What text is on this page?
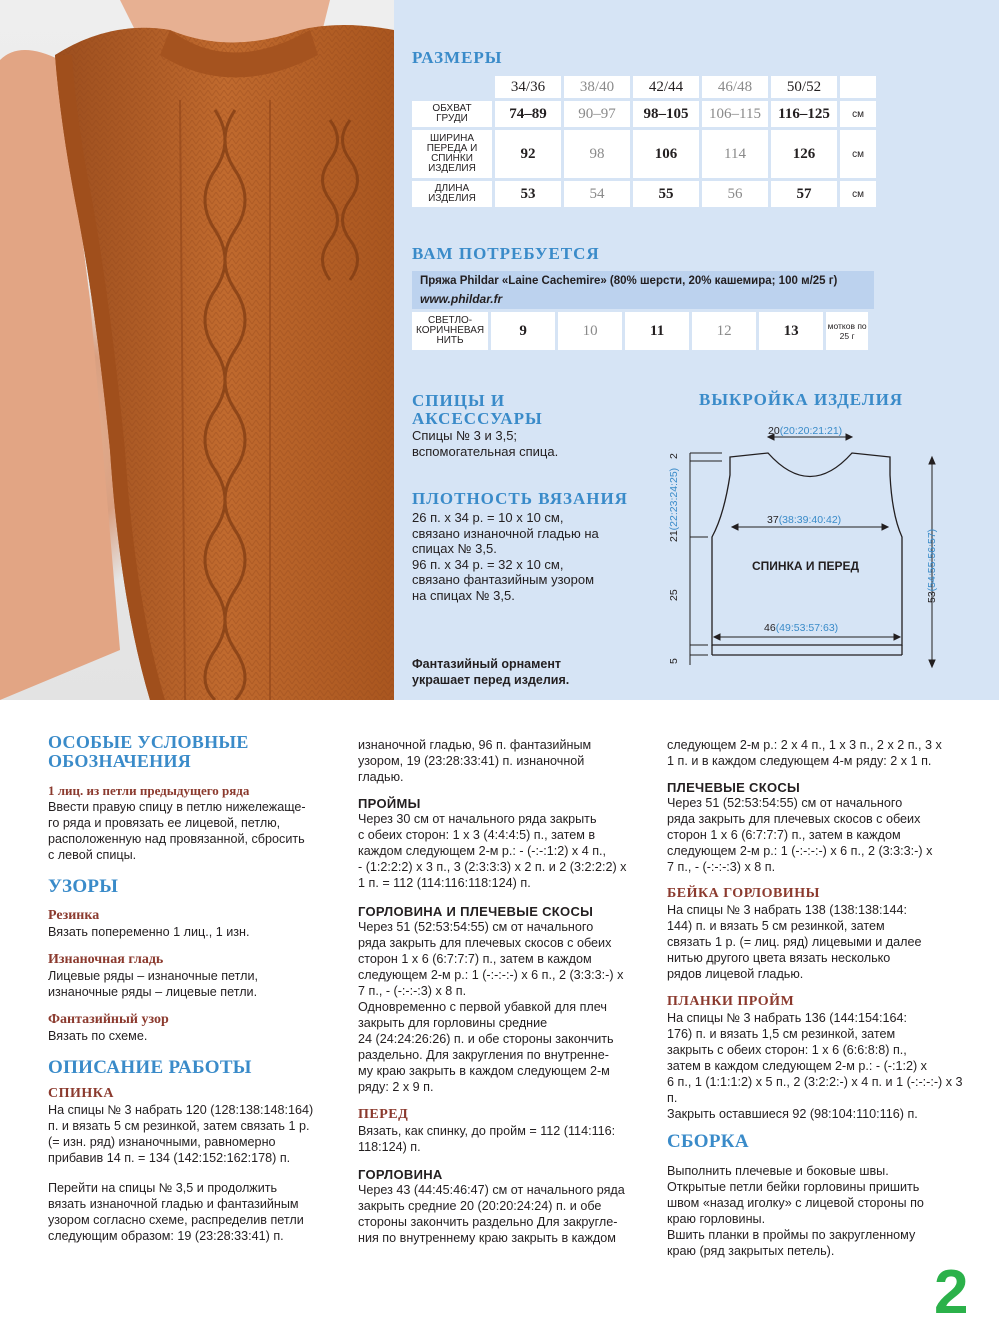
РАЗМЕРЫ
	34/36	38/40	42/44	46/48	50/52	
ОБХВАТ ГРУДИ	74–89	90–97	98–105	106–115	116–125	см
ШИРИНА ПЕРЕДА И СПИНКИ ИЗДЕЛИЯ	92	98	106	114	126	см
ДЛИНА ИЗДЕЛИЯ	53	54	55	56	57	см
ВАМ ПОТРЕБУЕТСЯ
Пряжа Phildar «Laine Cachemire» (80% шерсти, 20% кашемира; 100 м/25 г)
www.phildar.fr
СВЕТЛО-КОРИЧНЕВАЯ НИТЬ	9	10	11	12	13	мотков по 25 г
СПИЦЫ И АКСЕССУАРЫ
Спицы № 3 и 3,5; вспомогательная спица.
ПЛОТНОСТЬ ВЯЗАНИЯ
26 п. х 34 р. = 10 х 10 см,
связано изнаночной гладью на
спицах № 3,5.
96 п. х 34 р. = 32 х 10 см,
связано фантазийным узором
на спицах № 3,5.
Фантазийный орнамент
украшает перед изделия.
ВЫКРОЙКА ИЗДЕЛИЯ
20(20:20:21:21)
37(38:39:40:42)
46(49:53:57:63)
СПИНКА И ПЕРЕД
2
21(22:23:24:25)
25
5
53(54:55:56:57)
ОСОБЫЕ УСЛОВНЫЕ ОБОЗНАЧЕНИЯ
1 лиц. из петли предыдущего ряда
Ввести правую спицу в петлю нижележаще-
го ряда и провязать ее лицевой, петлю,
расположенную над провязанной, сбросить
с левой спицы.
УЗОРЫ
Резинка
Вязать попеременно 1 лиц., 1 изн.
Изнаночная гладь
Лицевые ряды – изнаночные петли,
изнаночные ряды – лицевые петли.
Фантазийный узор
Вязать по схеме.
ОПИСАНИЕ РАБОТЫ
СПИНКА
На спицы № 3 набрать 120 (128:138:148:164)
п. и вязать 5 см резинкой, затем связать 1 р.
(= изн. ряд) изнаночными, равномерно
прибавив 14 п. = 134 (142:152:162:178) п.
Перейти на спицы № 3,5 и продолжить
вязать изнаночной гладью и фантазийным
узором согласно схеме, распределив петли
следующим образом: 19 (23:28:33:41) п.
изнаночной гладью, 96 п. фантазийным
узором, 19 (23:28:33:41) п. изнаночной
гладью.
ПРОЙМЫ
Через 30 см от начального ряда закрыть
с обеих сторон: 1 х 3 (4:4:4:5) п., затем в
каждом следующем 2-м р.: - (-:-:1:2) х 4 п.,
- (1:2:2:2) х 3 п., 3 (2:3:3:3) х 2 п. и 2 (3:2:2:2) х
1 п. = 112 (114:116:118:124) п.
ГОРЛОВИНА И ПЛЕЧЕВЫЕ СКОСЫ
Через 51 (52:53:54:55) см от начального
ряда закрыть для плечевых скосов с обеих
сторон 1 х 6 (6:7:7:7) п., затем в каждом
следующем 2-м р.: 1 (-:-:-:-) х 6 п., 2 (3:3:3:-) х
7 п., - (-:-:-:3) х 8 п.
Одновременно с первой убавкой для плеч
закрыть для горловины средние
24 (24:24:26:26) п. и обе стороны закончить
раздельно. Для закругления по внутренне-
му краю закрыть в каждом следующем 2-м
ряду: 2 х 9 п.
ПЕРЕД
Вязать, как спинку, до пройм = 112 (114:116:
118:124) п.
ГОРЛОВИНА
Через 43 (44:45:46:47) см от начального ряда
закрыть средние 20 (20:20:24:24) п. и обе
стороны закончить раздельно Для закругле-
ния по внутреннему краю закрыть в каждом
следующем 2-м р.: 2 х 4 п., 1 х 3 п., 2 х 2 п., 3 х
1 п. и в каждом следующем 4-м ряду: 2 х 1 п.
ПЛЕЧЕВЫЕ СКОСЫ
Через 51 (52:53:54:55) см от начального
ряда закрыть для плечевых скосов с обеих
сторон 1 х 6 (6:7:7:7) п., затем в каждом
следующем 2-м р.: 1 (-:-:-:-) х 6 п., 2 (3:3:3:-) х
7 п., - (-:-:-:3) х 8 п.
БЕЙКА ГОРЛОВИНЫ
На спицы № 3 набрать 138 (138:138:144:
144) п. и вязать 5 см резинкой, затем
связать 1 р. (= лиц. ряд) лицевыми и далее
нитью другого цвета вязать несколько
рядов лицевой гладью.
ПЛАНКИ ПРОЙМ
На спицы № 3 набрать 136 (144:154:164:
176) п. и вязать 1,5 см резинкой, затем
закрыть с обеих сторон: 1 х 6 (6:6:8:8) п.,
затем в каждом следующем 2-м р.: - (-:1:2) х
6 п., 1 (1:1:1:2) х 5 п., 2 (3:2:2:-) х 4 п. и 1 (-:-:-:-) х 3 п.
Закрыть оставшиеся 92 (98:104:110:116) п.
СБОРКА
Выполнить плечевые и боковые швы.
Открытые петли бейки горловины пришить
швом «назад иголку» с лицевой стороны по
краю горловины.
Вшить планки в проймы по закругленному
краю (ряд закрытых петель).
2
